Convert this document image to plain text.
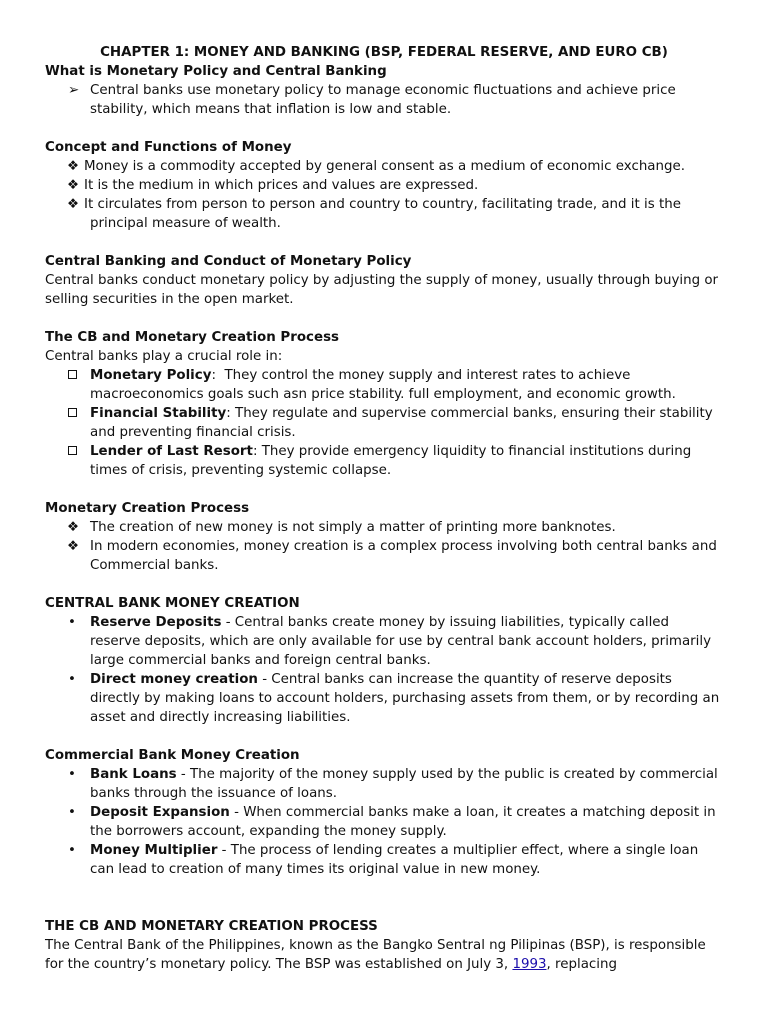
CHAPTER 1: MONEY AND BANKING (BSP, FEDERAL RESERVE, AND EURO CB)

What is Monetary Policy and Central Banking

➢ Central banks use monetary policy to manage economic fluctuations and achieve price stability, which means that inflation is low and stable.

Concept and Functions of Money

❖ Money is a commodity accepted by general consent as a medium of economic exchange.
❖ It is the medium in which prices and values are expressed.
❖ It circulates from person to person and country to country, facilitating trade, and it is the principal measure of wealth.

Central Banking and Conduct of Monetary Policy

Central banks conduct monetary policy by adjusting the supply of money, usually through buying or selling securities in the open market.

The CB and Monetary Creation Process

Central banks play a crucial role in:

Monetary Policy:  They control the money supply and interest rates to achieve macroeconomics goals such asn price stability. full employment, and economic growth.
Financial Stability: They regulate and supervise commercial banks, ensuring their stability and preventing financial crisis.
Lender of Last Resort: They provide emergency liquidity to financial institutions during times of crisis, preventing systemic collapse.

Monetary Creation Process

❖ The creation of new money is not simply a matter of printing more banknotes.
❖ In modern economies, money creation is a complex process involving both central banks and Commercial banks.

CENTRAL BANK MONEY CREATION

• Reserve Deposits - Central banks create money by issuing liabilities, typically called reserve deposits, which are only available for use by central bank account holders, primarily large commercial banks and foreign central banks.
• Direct money creation - Central banks can increase the quantity of reserve deposits directly by making loans to account holders, purchasing assets from them, or by recording an asset and directly increasing liabilities.

Commercial Bank Money Creation

• Bank Loans - The majority of the money supply used by the public is created by commercial banks through the issuance of loans.
• Deposit Expansion - When commercial banks make a loan, it creates a matching deposit in the borrowers account, expanding the money supply.
• Money Multiplier - The process of lending creates a multiplier effect, where a single loan can lead to creation of many times its original value in new money.

THE CB AND MONETARY CREATION PROCESS

The Central Bank of the Philippines, known as the Bangko Sentral ng Pilipinas (BSP), is responsible for the country’s monetary policy. The BSP was established on July 3, 1993, replacing
